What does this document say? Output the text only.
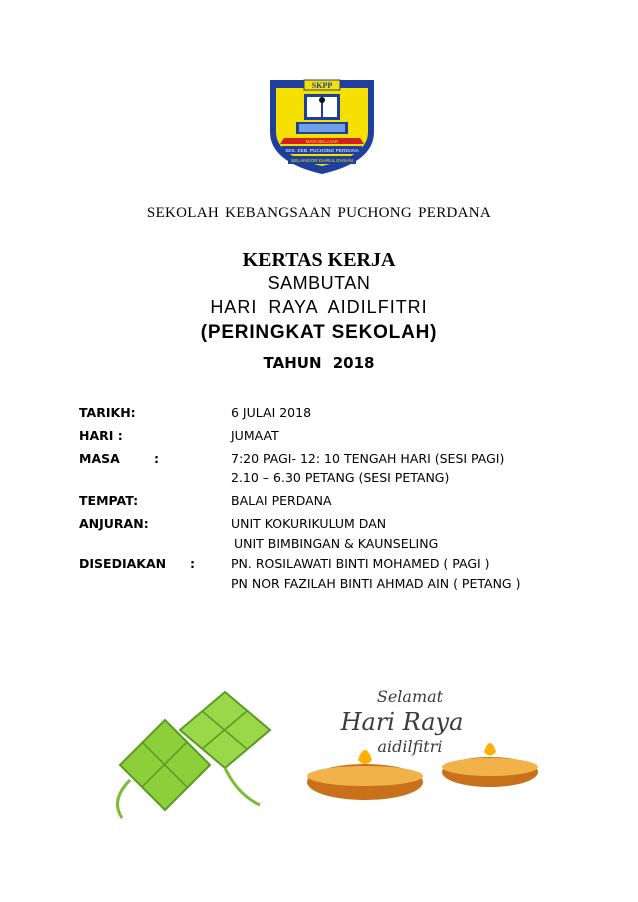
SKPP
MARI BELAJAR
SEK. KEB. PUCHONG PERDANA
SELANGOR DARUL EHSAN
SEKOLAH KEBANGSAAN PUCHONG PERDANA
KERTAS KERJA
SAMBUTAN
HARI RAYA AIDILFITRI
(PERINGKAT SEKOLAH)
TAHUN 2018
TARIKH:	6 JULAI 2018
HARI :	JUMAAT
MASA	:	7:20 PAGI- 12: 10 TENGAH HARI (SESI PAGI)
2.10 – 6.30 PETANG (SESI PETANG)
TEMPAT:	BALAI PERDANA
ANJURAN:	UNIT KOKURIKULUM DAN
UNIT BIMBINGAN & KAUNSELING
DISEDIAKAN :	PN. ROSILAWATI BINTI MOHAMED ( PAGI )
PN NOR FAZILAH BINTI AHMAD AIN ( PETANG )
Selamat
Hari Raya
aidilfitri
